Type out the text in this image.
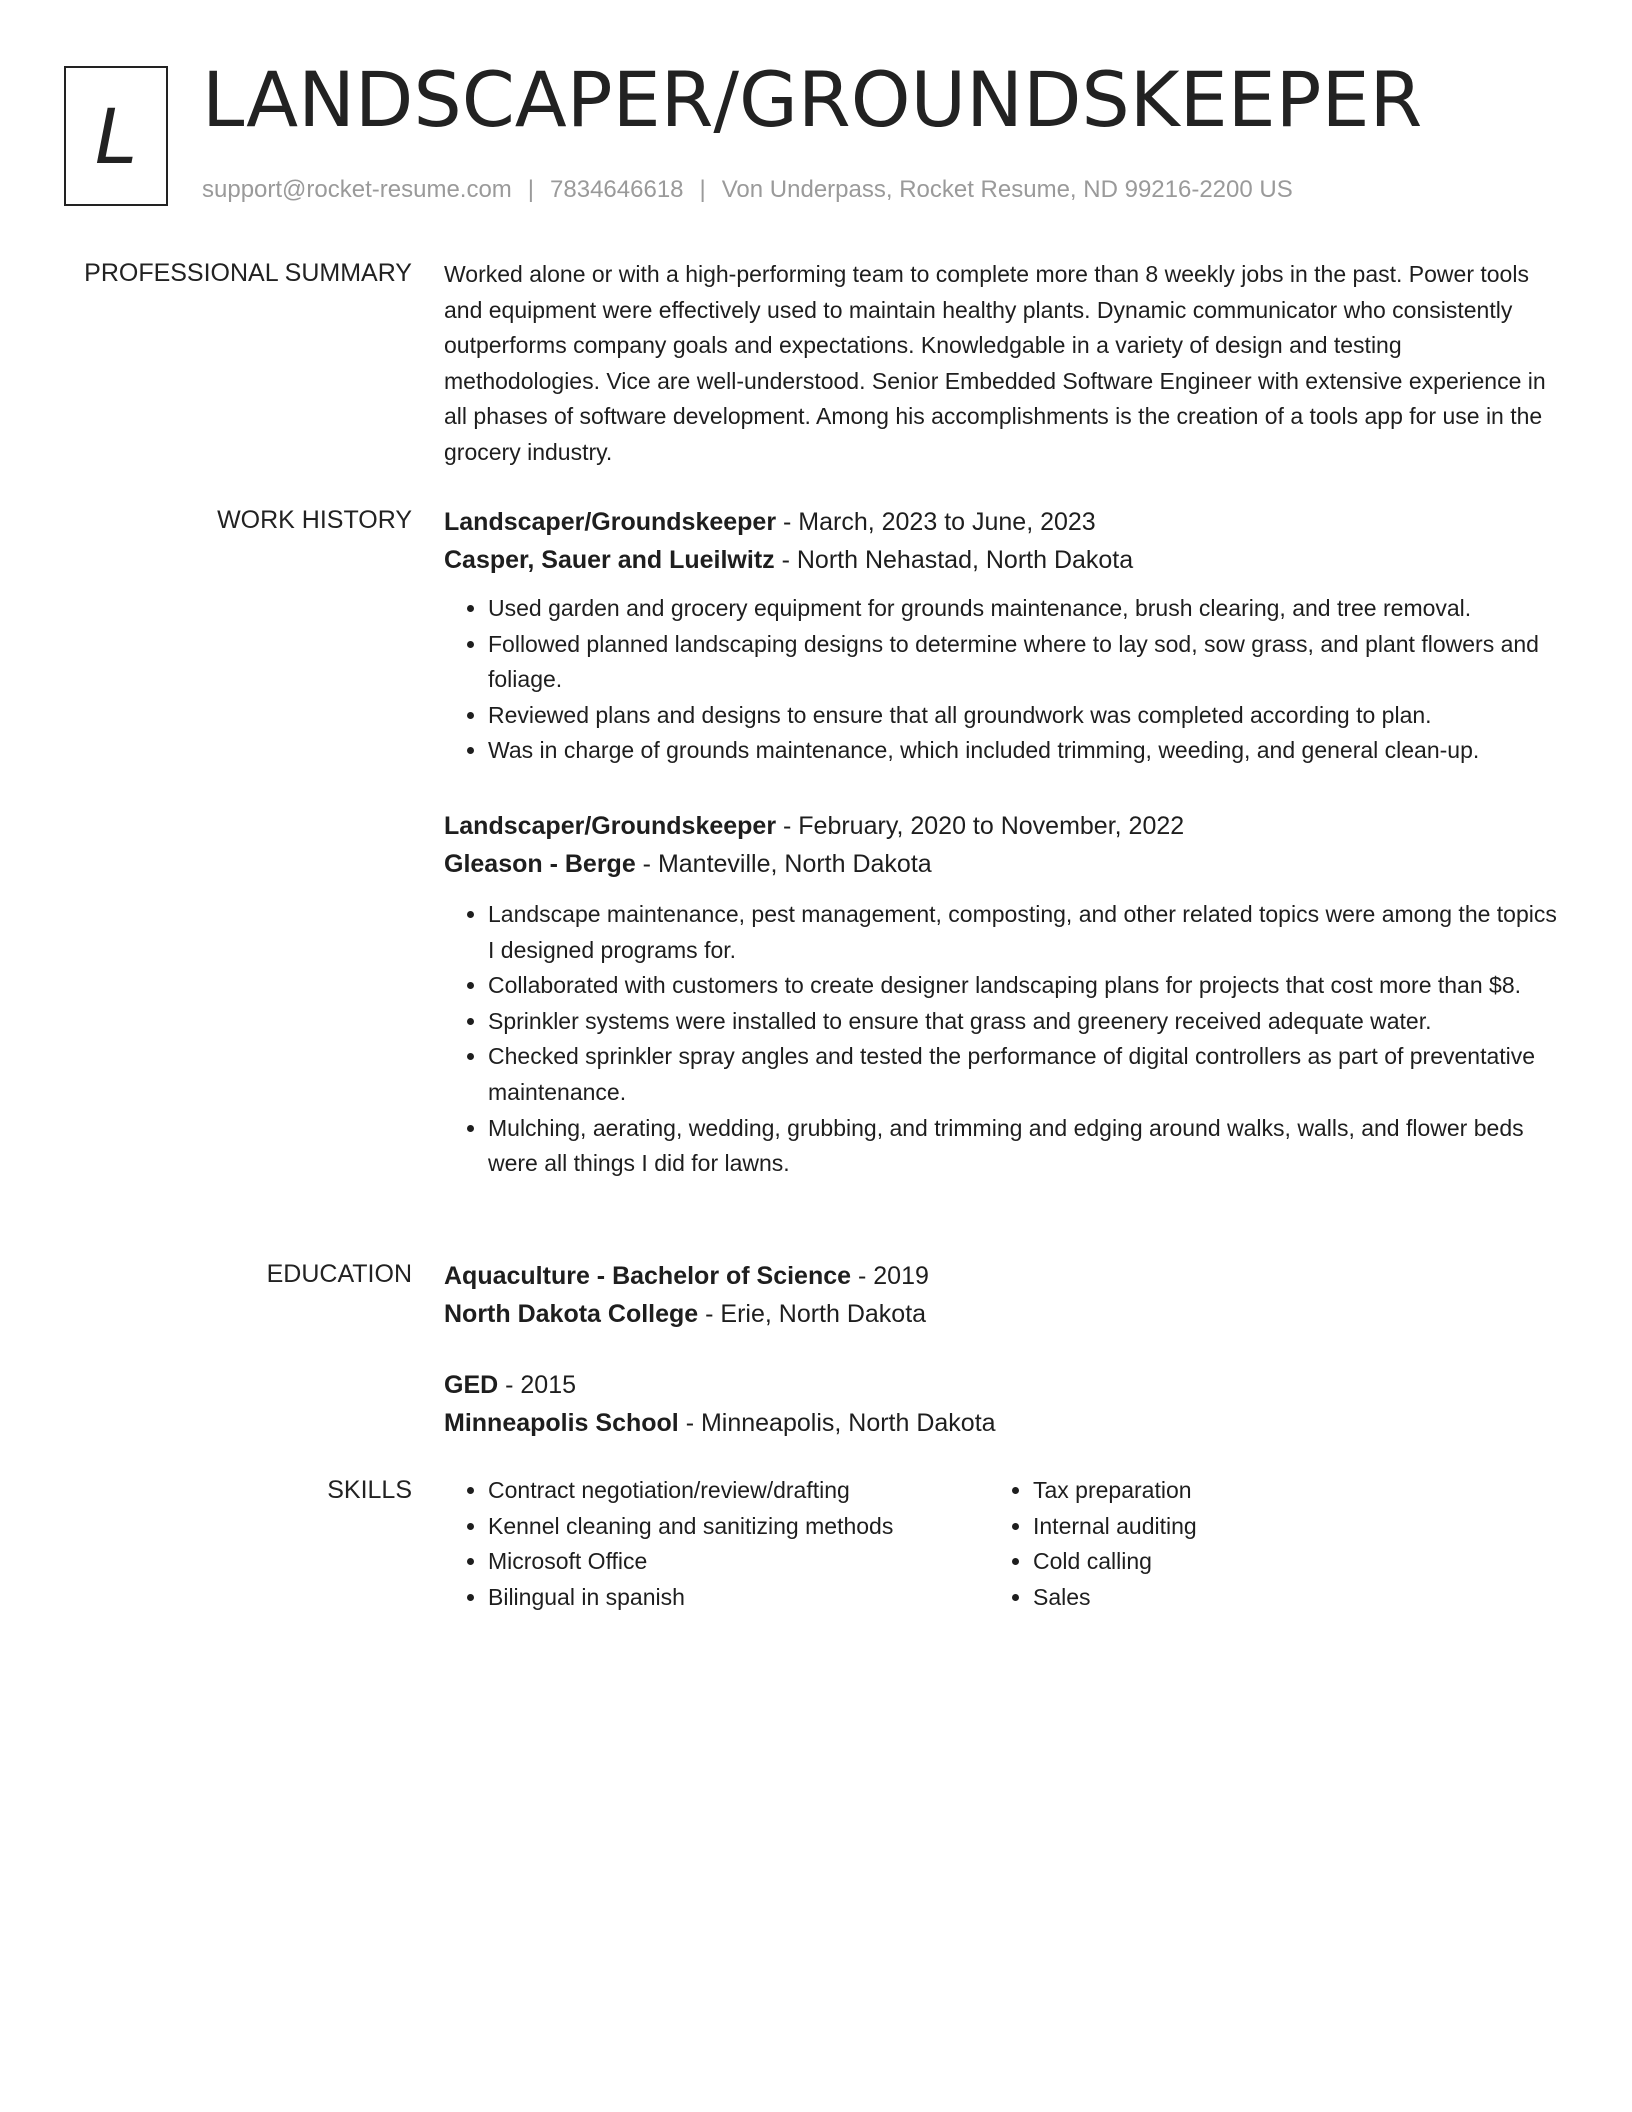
L LANDSCAPER/GROUNDSKEEPER
support@rocket-resume.com | 7834646618 | Von Underpass, Rocket Resume, ND 99216-2200 US
PROFESSIONAL SUMMARY Worked alone or with a high-performing team to complete more than 8 weekly jobs in the past. Power tools and equipment were effectively used to maintain healthy plants. Dynamic communicator who consistently outperforms company goals and expectations. Knowledgable in a variety of design and testing methodologies. Vice are well-understood. Senior Embedded Software Engineer with extensive experience in all phases of software development. Among his accomplishments is the creation of a tools app for use in the grocery industry.

WORK HISTORY Landscaper/Groundskeeper - March, 2023 to June, 2023

Casper, Sauer and Lueilwitz - North Nehastad, North Dakota

• Used garden and grocery equipment for grounds maintenance, brush clearing, and tree removal.
• Followed planned landscaping designs to determine where to lay sod, sow grass, and plant flowers and foliage.
• Reviewed plans and designs to ensure that all groundwork was completed according to plan.
• Was in charge of grounds maintenance, which included trimming, weeding, and general clean-up.

Landscaper/Groundskeeper - February, 2020 to November, 2022

Gleason - Berge - Manteville, North Dakota

• Landscape maintenance, pest management, composting, and other related topics were among the topics I designed programs for.
• Collaborated with customers to create designer landscaping plans for projects that cost more than $8.
• Sprinkler systems were installed to ensure that grass and greenery received adequate water.
• Checked sprinkler spray angles and tested the performance of digital controllers as part of preventative maintenance.
• Mulching, aerating, wedding, grubbing, and trimming and edging around walks, walls, and flower beds were all things I did for lawns.
EDUCATION Aquaculture - Bachelor of Science - 2019

North Dakota College - Erie, North Dakota

GED - 2015

Minneapolis School - Minneapolis, North Dakota

SKILLS
•	Contract negotiation/review/drafting
• Kennel cleaning and sanitizing methods
• Microsoft Office
• Bilingual in spanish
• Tax preparation
• Internal auditing
• Cold calling
• Sales
